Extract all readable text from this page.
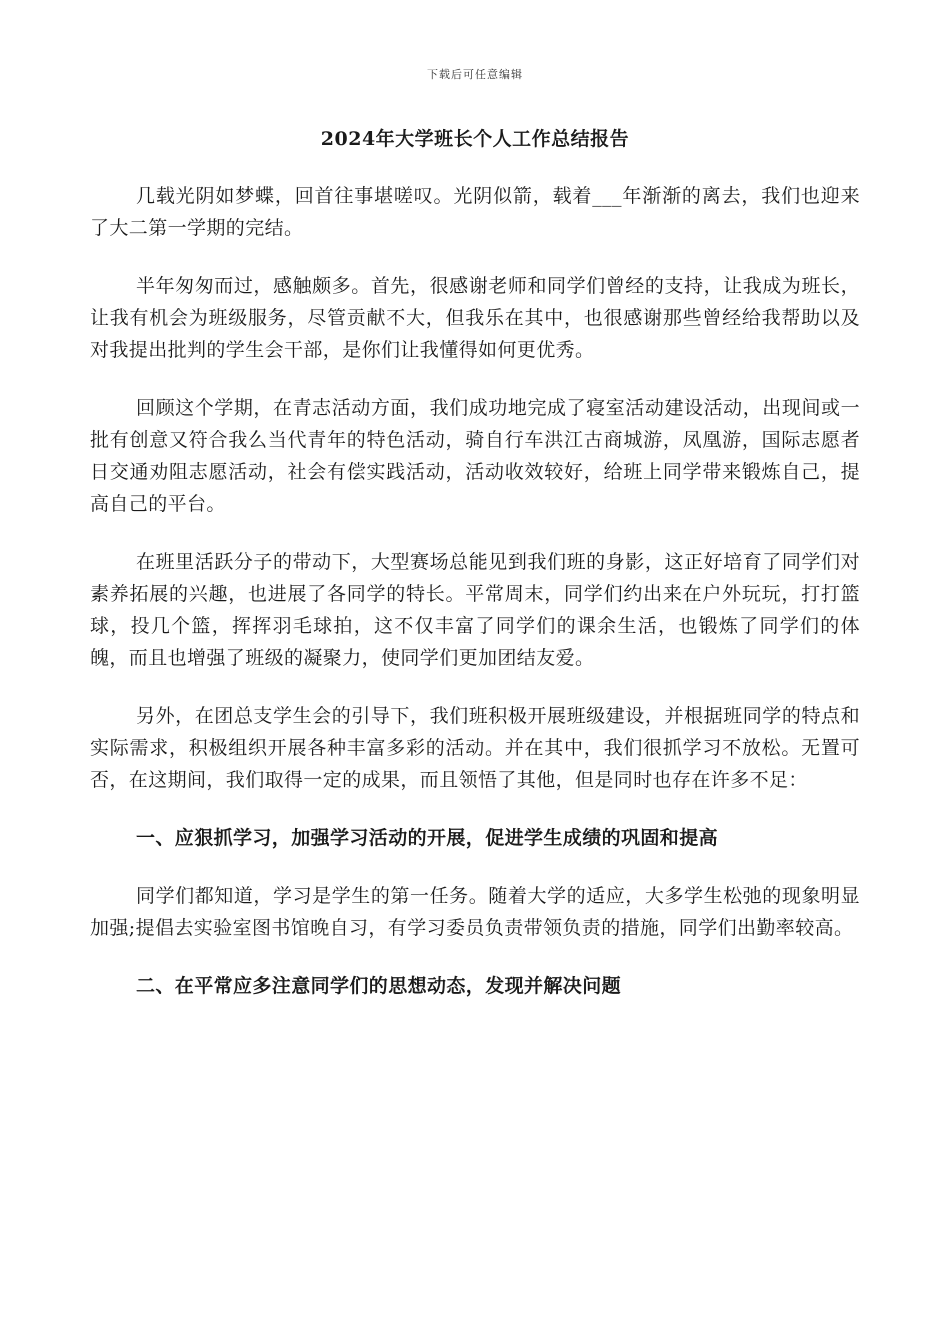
下载后可任意编辑
2024年大学班长个人工作总结报告

几载光阴如梦蝶，回首往事堪嗟叹。光阴似箭，载着___年渐渐的离去，我们也迎来了大二第一学期的完结。

半年匆匆而过，感触颇多。首先，很感谢老师和同学们曾经的支持，让我成为班长，让我有机会为班级服务，尽管贡献不大，但我乐在其中，也很感谢那些曾经给我帮助以及对我提出批判的学生会干部，是你们让我懂得如何更优秀。

回顾这个学期，在青志活动方面，我们成功地完成了寝室活动建设活动，出现间或一批有创意又符合我么当代青年的特色活动，骑自行车洪江古商城游，凤凰游，国际志愿者日交通劝阻志愿活动，社会有偿实践活动，活动收效较好，给班上同学带来锻炼自己，提高自己的平台。

在班里活跃分子的带动下，大型赛场总能见到我们班的身影，这正好培育了同学们对素养拓展的兴趣，也进展了各同学的特长。平常周末，同学们约出来在户外玩玩，打打篮球，投几个篮，挥挥羽毛球拍，这不仅丰富了同学们的课余生活，也锻炼了同学们的体魄，而且也增强了班级的凝聚力，使同学们更加团结友爱。

另外，在团总支学生会的引导下，我们班积极开展班级建设，并根据班同学的特点和实际需求，积极组织开展各种丰富多彩的活动。并在其中，我们很抓学习不放松。无置可否，在这期间，我们取得一定的成果，而且领悟了其他，但是同时也存在许多不足：

一、应狠抓学习，加强学习活动的开展，促进学生成绩的巩固和提高

同学们都知道，学习是学生的第一任务。随着大学的适应，大多学生松弛的现象明显加强;提倡去实验室图书馆晚自习，有学习委员负责带领负责的措施，同学们出勤率较高。

二、在平常应多注意同学们的思想动态，发现并解决问题
